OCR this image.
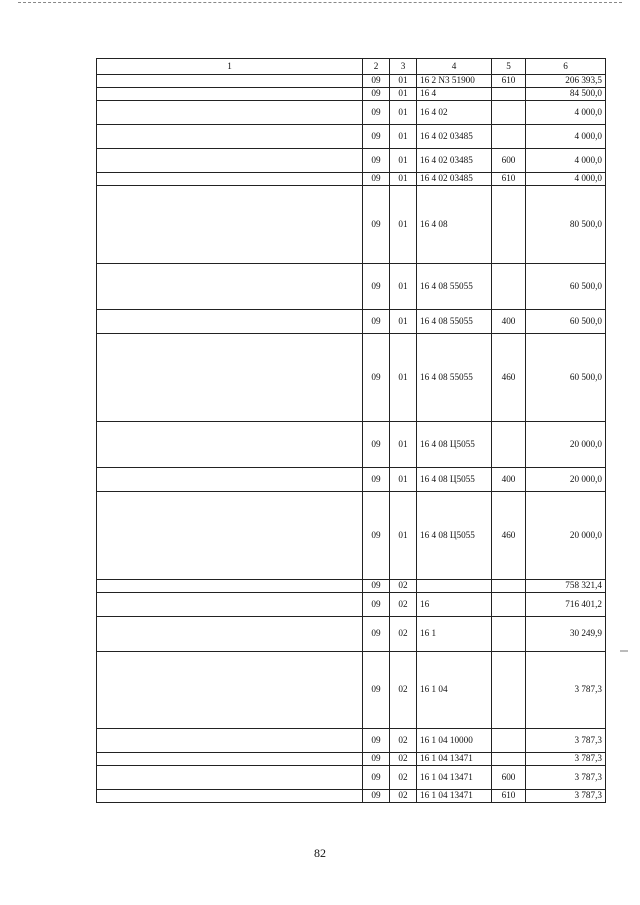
1	2	3	4	5	6
	09	01	16 2 N3 51900	610	206 393,5
	09	01	16 4		84 500,0
	09	01	16 4 02		4 000,0
	09	01	16 4 02 03485		4 000,0
	09	01	16 4 02 03485	600	4 000,0
	09	01	16 4 02 03485	610	4 000,0
	09	01	16 4 08		80 500,0
	09	01	16 4 08 55055		60 500,0
	09	01	16 4 08 55055	400	60 500,0
	09	01	16 4 08 55055	460	60 500,0
	09	01	16 4 08 Ц5055		20 000,0
	09	01	16 4 08 Ц5055	400	20 000,0
	09	01	16 4 08 Ц5055	460	20 000,0
	09	02			758 321,4
	09	02	16		716 401,2
	09	02	16 1		30 249,9
	09	02	16 1 04		3 787,3
	09	02	16 1 04 10000		3 787,3
	09	02	16 1 04 13471		3 787,3
	09	02	16 1 04 13471	600	3 787,3
	09	02	16 1 04 13471	610	3 787,3
82
